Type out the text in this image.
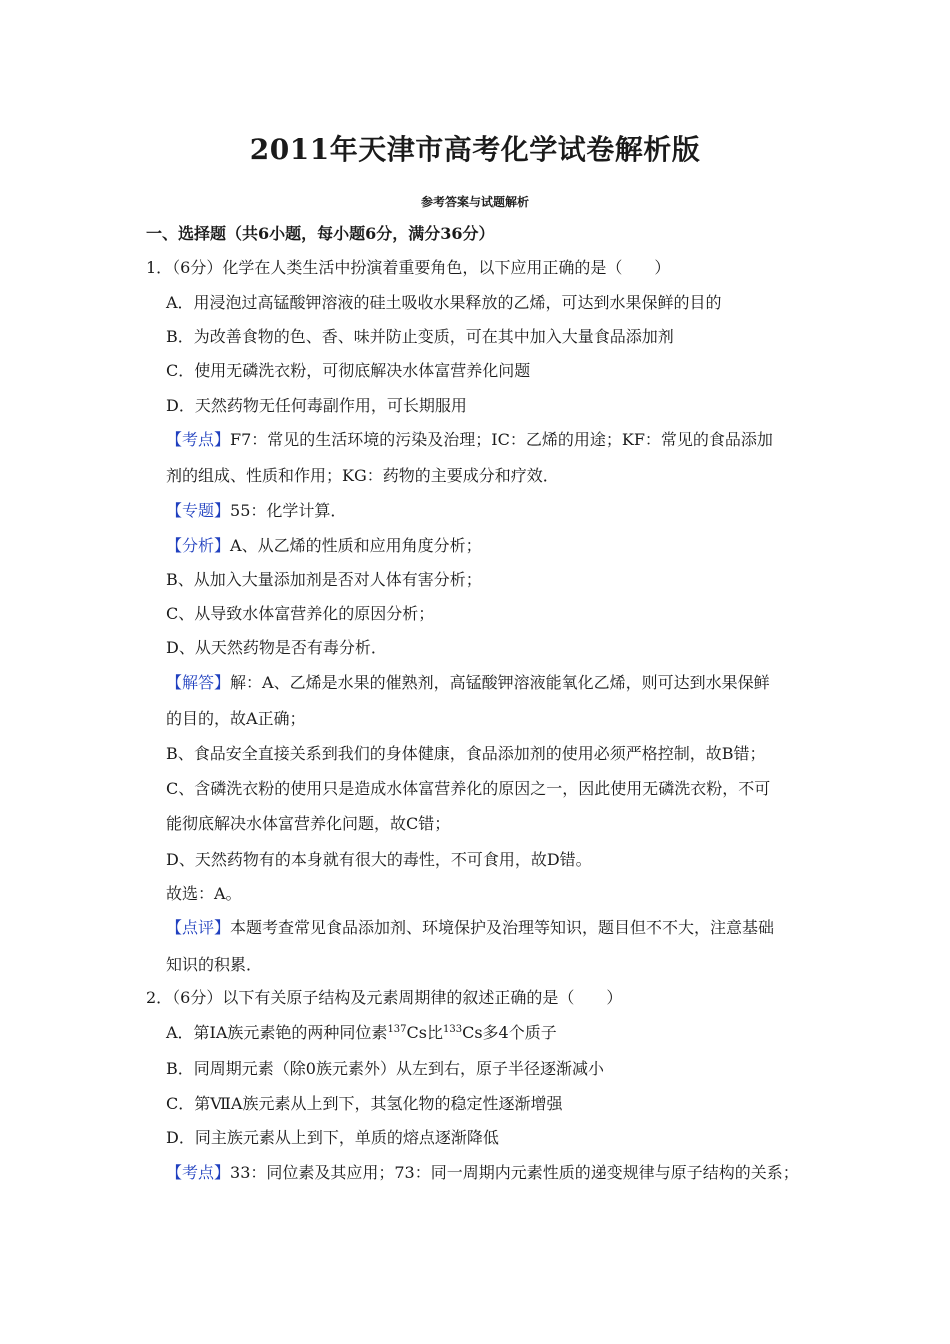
2011年天津市高考化学试卷解析版
参考答案与试题解析
一、选择题（共6小题，每小题6分，满分36分）
1．（6分）化学在人类生活中扮演着重要角色，以下应用正确的是（　　）
A．用浸泡过高锰酸钾溶液的硅土吸收水果释放的乙烯，可达到水果保鲜的目的
B．为改善食物的色、香、味并防止变质，可在其中加入大量食品添加剂
C．使用无磷洗衣粉，可彻底解决水体富营养化问题
D．天然药物无任何毒副作用，可长期服用
【考点】F7：常见的生活环境的污染及治理；IC：乙烯的用途；KF：常见的食品添加
剂的组成、性质和作用；KG：药物的主要成分和疗效．
【专题】55：化学计算．
【分析】A、从乙烯的性质和应用角度分析；
B、从加入大量添加剂是否对人体有害分析；
C、从导致水体富营养化的原因分析；
D、从天然药物是否有毒分析．
【解答】解：A、乙烯是水果的催熟剂，高锰酸钾溶液能氧化乙烯，则可达到水果保鲜
的目的，故A正确；
B、食品安全直接关系到我们的身体健康，食品添加剂的使用必须严格控制，故B错；
C、含磷洗衣粉的使用只是造成水体富营养化的原因之一，因此使用无磷洗衣粉，不可
能彻底解决水体富营养化问题，故C错；
D、天然药物有的本身就有很大的毒性，不可食用，故D错。
故选：A。
【点评】本题考查常见食品添加剂、环境保护及治理等知识，题目但不不大，注意基础
知识的积累．
2．（6分）以下有关原子结构及元素周期律的叙述正确的是（　　）
A．第IA族元素铯的两种同位素$^{137}$Cs比$^{133}$Cs多4个质子
B．同周期元素（除0族元素外）从左到右，原子半径逐渐减小
C．第ⅦA族元素从上到下，其氢化物的稳定性逐渐增强
D．同主族元素从上到下，单质的熔点逐渐降低
【考点】33：同位素及其应用；73：同一周期内元素性质的递变规律与原子结构的关系；
